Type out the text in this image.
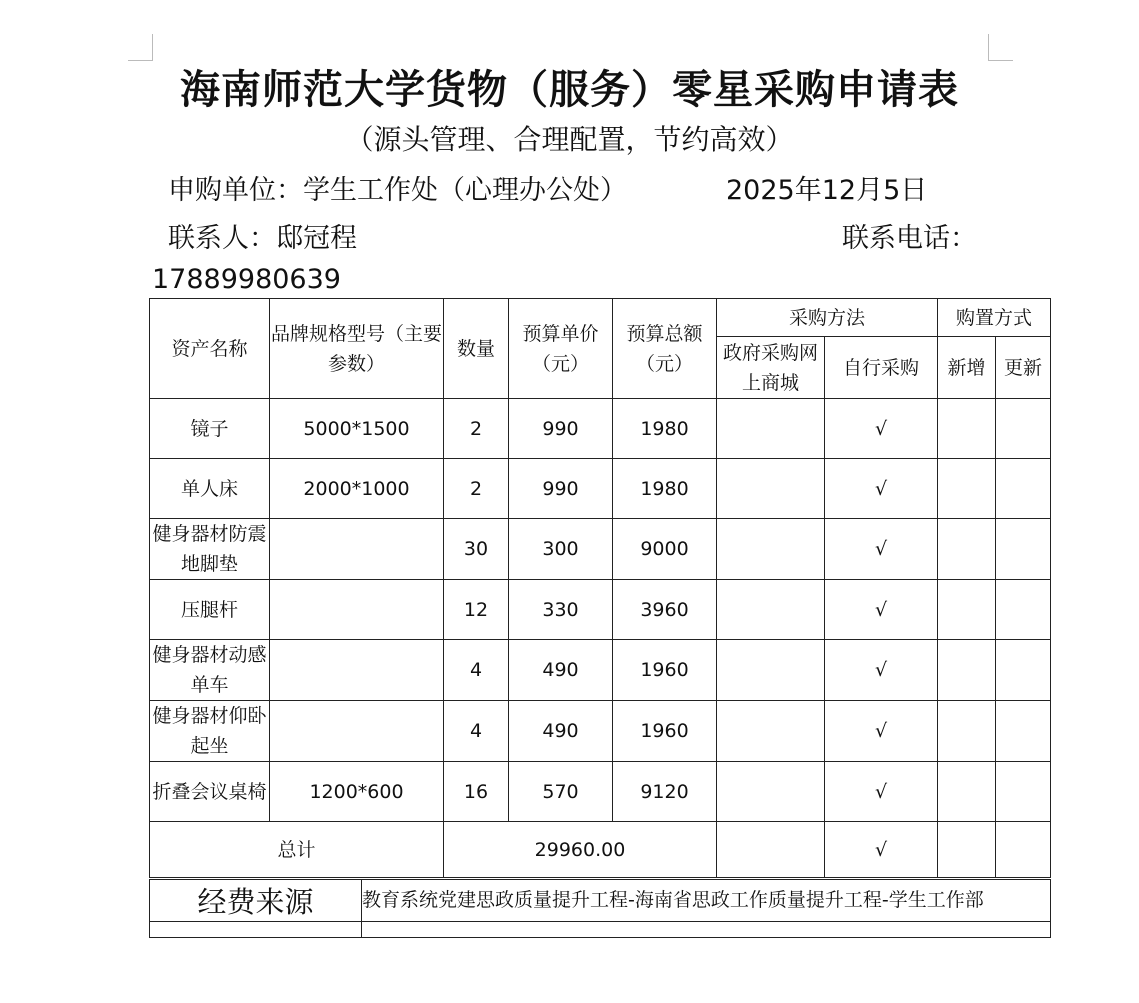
海南师范大学货物（服务）零星采购申请表
（源头管理、合理配置，节约高效）
申购单位：学生工作处（心理办公处）	2025年12月5日
联系人：邸冠程	联系电话：
17889980639
资产名称	品牌规格型号（主要参数）	数量	预算单价（元）	预算总额（元）	采购方法		购置方式	
					政府采购网上商城	自行采购	新增	更新
镜子	5000*1500	2	990	1980		√		
单人床	2000*1000	2	990	1980		√		
健身器材防震地脚垫		30	300	9000		√		
压腿杆		12	330	3960		√		
健身器材动感单车		4	490	1960		√		
健身器材仰卧起坐		4	490	1960		√		
折叠会议桌椅	1200*600	16	570	9120		√		
总计		29960.00				√		
经费来源	教育系统党建思政质量提升工程-海南省思政工作质量提升工程-学生工作部
